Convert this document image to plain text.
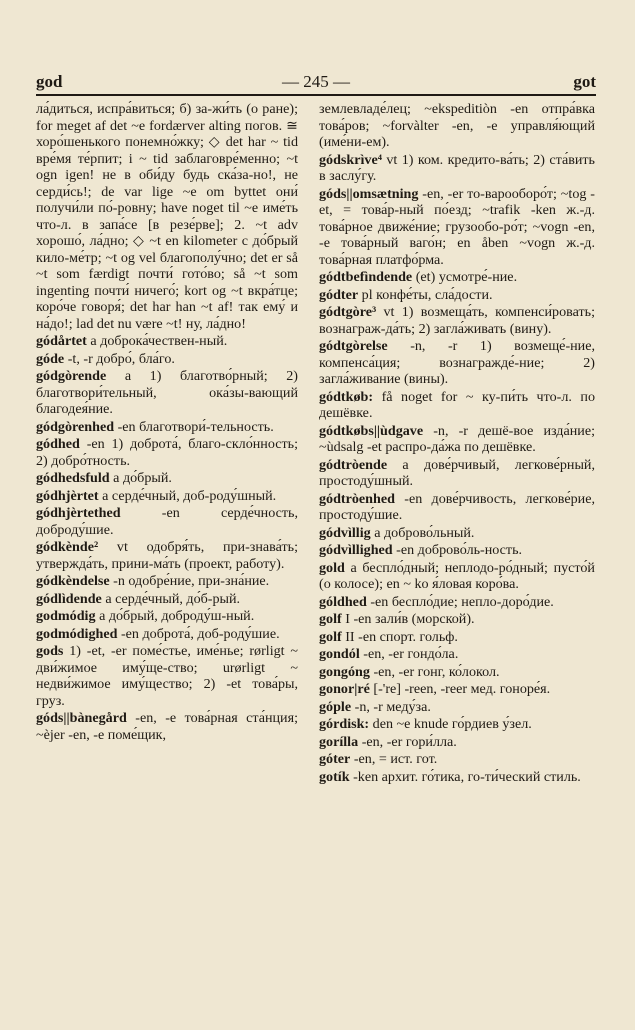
god	— 245 —	got
ла́диться, испра́виться; б) за-жи́ть (о ране); for meget af det ~e fordærver alting погов. ≅ хоро́шенького понемно́жку; ◇ det har ~ tid вре́мя те́рпит; i ~ tid заблаговре́менно; ~t ogn igen! не в оби́ду будь ска́за-но!, не серди́сь!; de var lige ~e om byttet они́ получи́ли по́-ровну; have noget til ~e име́ть что-л. в запа́се [в резе́рве]; 2. ~t adv хорошо́, ла́дно; ◇ ~t en kilometer с до́брый кило-ме́тр; ~t og vel благополу́чно; det er så ~t som færdigt почти́ гото́во; så ~t som ingenting почти́ ничего́; kort og ~t вкра́тце; коро́че говоря́; det har han ~t af! так ему́ и на́до!; lad det nu være ~t! ну, ла́дно!
gódårtet a доброка́чествен-ный.
góde -t, -r добро́, бла́го.
gódgòrende a 1) благотво́рный; 2) благотвори́тельный, ока́зы-вающий благодея́ние.
gódgòrenhed -en благотвори́-тельность.
gódhed -en 1) доброта́, благо-скло́нность; 2) добро́тность.
gódhedsfuld a до́брый.
gódhjèrtet a серде́чный, доб-роду́шный.
gódhjèrtethed	-en серде́чность, доброду́шие.
gódkènde² vt одобря́ть, при-знава́ть; утвержда́ть, прини-ма́ть (проект, работу).
gódkèndelse -n одобре́ние, при-зна́ние.
gódlìdende a серде́чный, до́б-рый.
godmódig a до́брый, доброду́ш-ный.
godmódighed -en доброта́, доб-роду́шие.
gods 1) -et, -er поме́стье, име́нье; rørligt ~ дви́жимое иму́ще-ство; urørligt ~ недви́жимое иму́щество; 2) -et това́ры, груз.
góds||bànegård -en, -e това́рная ста́нция; ~èjer -en, -e поме́щик,
землевладе́лец; ~ekspeditiòn -en отпра́вка това́ров; ~forvàlter -en, -e управля́ющий (име́ни-ем).
gódskrìve⁴ vt 1) ком. кредито-ва́ть; 2) ста́вить в заслу́гу.
góds||omsætning -en, -er то-варооборо́т; ~tog -et, = това́р-ный по́езд; ~trafik -ken ж.-д. това́рное движе́ние; грузообо-ро́т; ~vogn -en, -e това́рный ваго́н; en åben ~vogn ж.-д. това́рная платфо́рма.
gódtbefìndende (et) усмотре́-ние.
gódter pl конфе́ты, сла́дости.
gódtgòre³ vt 1) возмеща́ть, компенси́ровать; вознаграж-да́ть; 2) загла́живать (вину).
gódtgòrelse -n, -r 1) возмеще́-ние, компенса́ция; вознагражде́-ние; 2) загла́живание (вины).
gódtkøb: få noget for ~ ку-пи́ть что-л. по дешёвке.
gódtkøbs||ùdgave -n, -r дешё-вое изда́ние; ~ùdsalg -et распро-да́жа по дешёвке.
gódtròende a дове́рчивый, легкове́рный, простоду́шный.
gódtròenhed -en дове́рчивость, легкове́рие, простоду́шие.
gódvìllig a доброво́льный.
gódvìllighed -en доброво́ль-ность.
gold a беспло́дный; неплодо-ро́дный; пусто́й (о колосе); en ~ ko я́ловая коро́ва.
góldhed -en беспло́дие; непло-доро́дие.
golf I -en зали́в (морской).
golf II -en спорт. гольф.
gondól -en, -er гондо́ла.
gongóng -en, -er гонг, ко́локол.
gonor|ré [-'re] -reen, -reer мед. гоноре́я.
góple -n, -r меду́за.
górdisk: den ~e knude го́рдиев у́зел.
gorílla -en, -er гори́лла.
góter -en, = ист. гот.
gotík -ken архит. го́тика, го-ти́ческий стиль.
